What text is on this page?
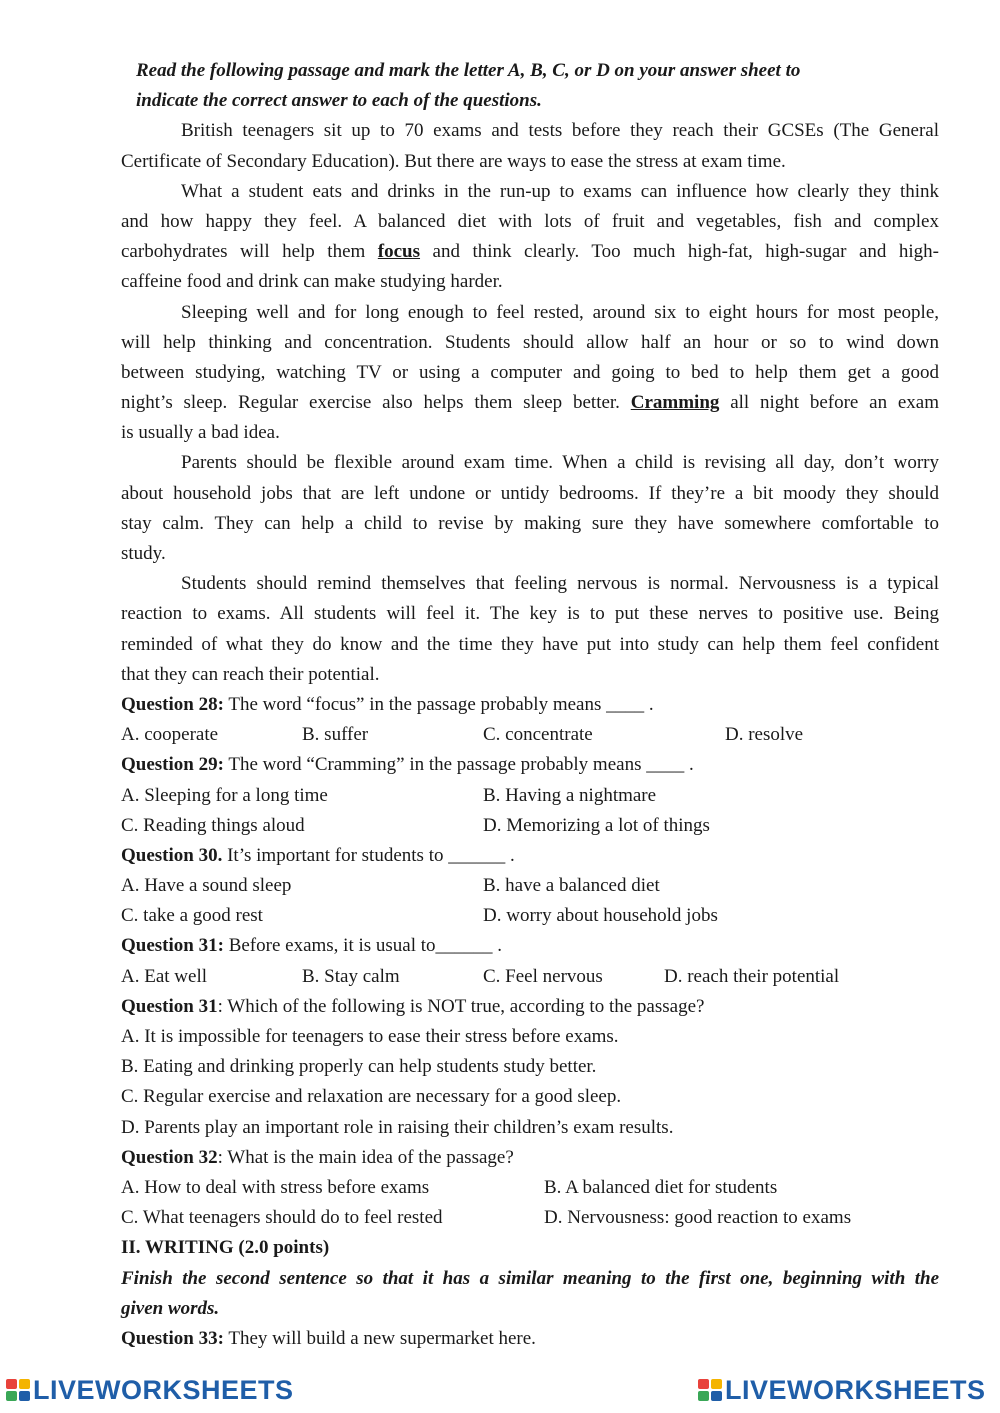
Read the following passage and mark the letter A, B, C, or D on your answer sheet to
indicate the correct answer to each of the questions.
British teenagers sit up to 70 exams and tests before they reach their GCSEs (The General
Certificate of Secondary Education). But there are ways to ease the stress at exam time.
What a student eats and drinks in the run-up to exams can influence how clearly they think
and how happy they feel. A balanced diet with lots of fruit and vegetables, fish and complex
carbohydrates will help them focus and think clearly. Too much high-fat, high-sugar and high-
caffeine food and drink can make studying harder.
Sleeping well and for long enough to feel rested, around six to eight hours for most people,
will help thinking and concentration. Students should allow half an hour or so to wind down
between studying, watching TV or using a computer and going to bed to help them get a good
night’s sleep. Regular exercise also helps them sleep better. Cramming all night before an exam
is usually a bad idea.
Parents should be flexible around exam time. When a child is revising all day, don’t worry
about household jobs that are left undone or untidy bedrooms. If they’re a bit moody they should
stay calm. They can help a child to revise by making sure they have somewhere comfortable to
study.
Students should remind themselves that feeling nervous is normal. Nervousness is a typical
reaction to exams. All students will feel it. The key is to put these nerves to positive use. Being
reminded of what they do know and the time they have put into study can help them feel confident
that they can reach their potential.
Question 28: The word “focus” in the passage probably means ____ .
A. cooperate	B. suffer	C. concentrate	D. resolve
Question 29: The word “Cramming” in the passage probably means ____ .
A. Sleeping for a long time	B. Having a nightmare
C. Reading things aloud	D. Memorizing a lot of things
Question 30. It’s important for students to ______ .
A. Have a sound sleep	B. have a balanced diet
C. take a good rest	D. worry about household jobs
Question 31: Before exams, it is usual to______ .
A. Eat well	B. Stay calm	C. Feel nervous	D. reach their potential
Question 31: Which of the following is NOT true, according to the passage?
A. It is impossible for teenagers to ease their stress before exams.
B. Eating and drinking properly can help students study better.
C. Regular exercise and relaxation are necessary for a good sleep.
D. Parents play an important role in raising their children’s exam results.
Question 32: What is the main idea of the passage?
A. How to deal with stress before exams	B. A balanced diet for students
C. What teenagers should do to feel rested	D. Nervousness: good reaction to exams
II. WRITING (2.0 points)
Finish the second sentence so that it has a similar meaning to the first one, beginning with the
given words.
Question 33: They will build a new supermarket here.
LIVEWORKSHEETS	LIVEWORKSHEETS
